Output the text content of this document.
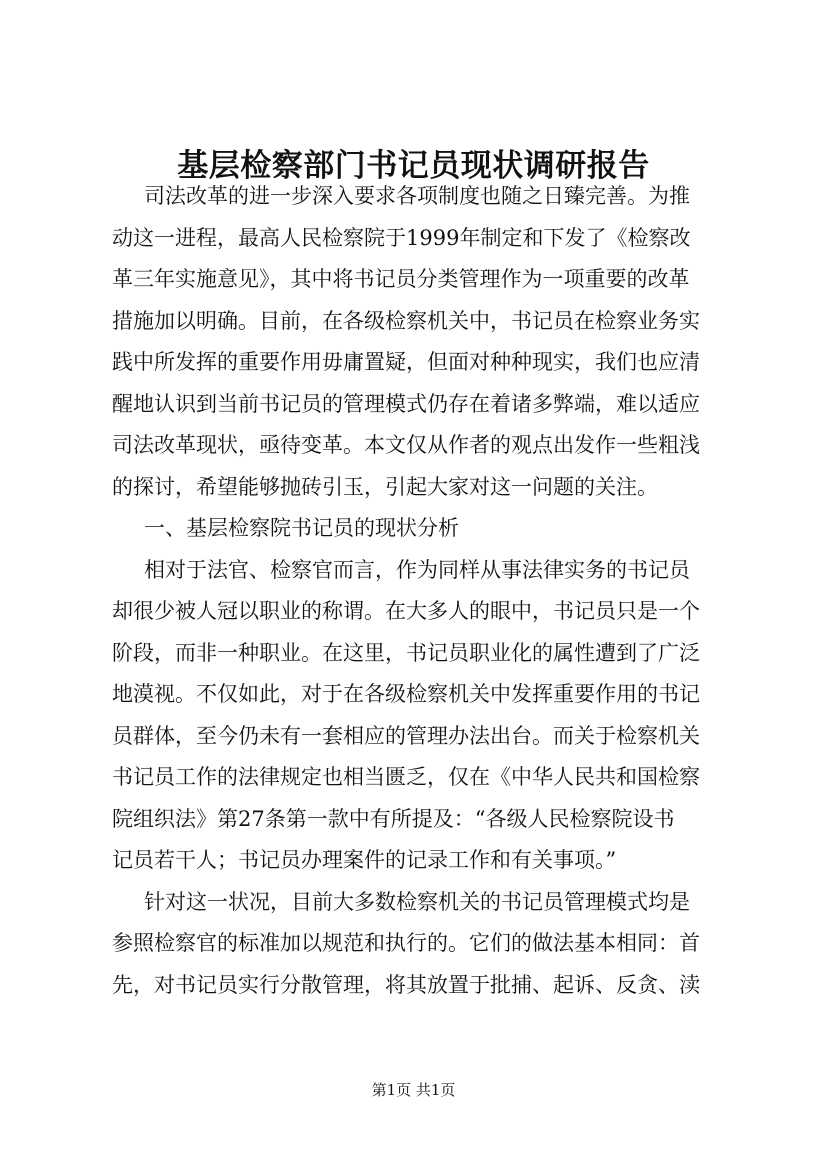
基层检察部门书记员现状调研报告
司法改革的进一步深入要求各项制度也随之日臻完善。为推
动这一进程，最高人民检察院于1999年制定和下发了《检察改
革三年实施意见》，其中将书记员分类管理作为一项重要的改革
措施加以明确。目前，在各级检察机关中，书记员在检察业务实
践中所发挥的重要作用毋庸置疑，但面对种种现实，我们也应清
醒地认识到当前书记员的管理模式仍存在着诸多弊端，难以适应
司法改革现状，亟待变革。本文仅从作者的观点出发作一些粗浅
的探讨，希望能够抛砖引玉，引起大家对这一问题的关注。
一、基层检察院书记员的现状分析
相对于法官、检察官而言，作为同样从事法律实务的书记员
却很少被人冠以职业的称谓。在大多人的眼中，书记员只是一个
阶段，而非一种职业。在这里，书记员职业化的属性遭到了广泛
地漠视。不仅如此，对于在各级检察机关中发挥重要作用的书记
员群体，至今仍未有一套相应的管理办法出台。而关于检察机关
书记员工作的法律规定也相当匮乏，仅在《中华人民共和国检察
院组织法》第27条第一款中有所提及：“各级人民检察院设书
记员若干人；书记员办理案件的记录工作和有关事项。”
针对这一状况，目前大多数检察机关的书记员管理模式均是
参照检察官的标准加以规范和执行的。它们的做法基本相同：首
先，对书记员实行分散管理，将其放置于批捕、起诉、反贪、渎
第1页 共1页
